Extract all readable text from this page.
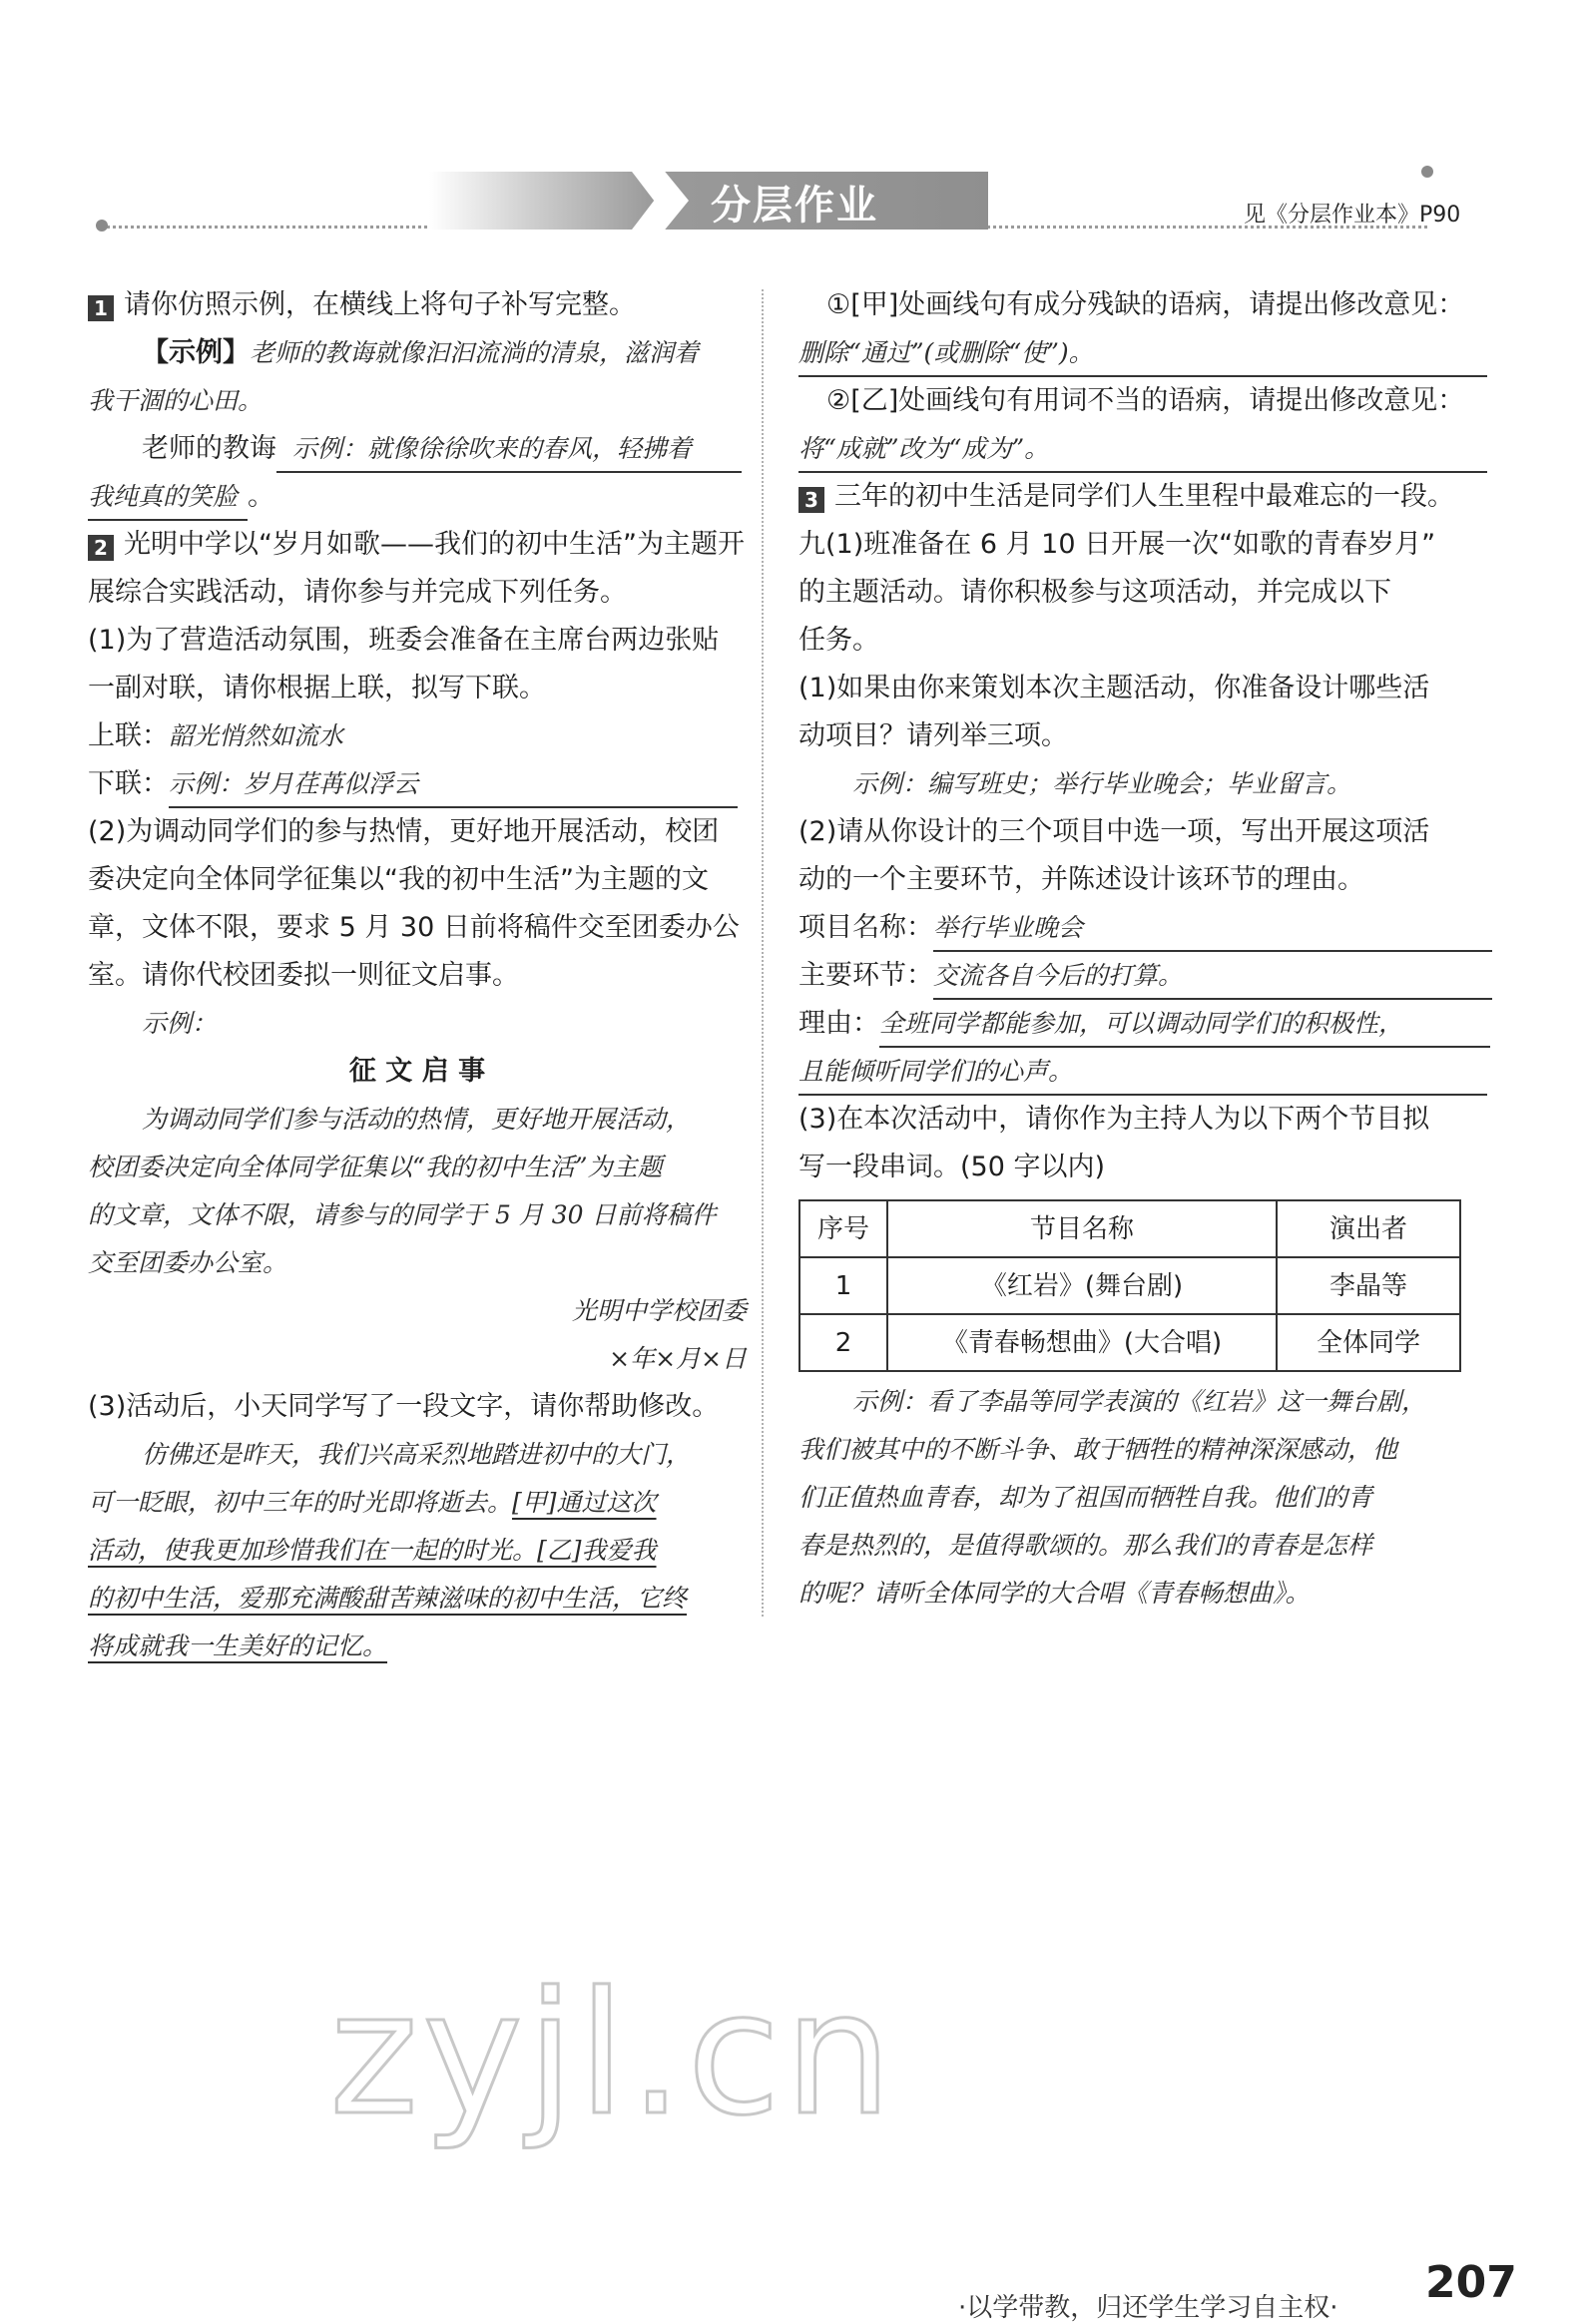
分层作业	见《分层作业本》P90

1 请你仿照示例，在横线上将句子补写完整。

【示例】老师的教诲就像汩汩流淌的清泉，滋润着

我干涸的心田。

老师的教诲 示例：就像徐徐吹来的春风，轻拂着

我纯真的笑脸 。

2 光明中学以“岁月如歌——我们的初中生活”为主题开

展综合实践活动，请你参与并完成下列任务。

(1)为了营造活动氛围，班委会准备在主席台两边张贴

一副对联，请你根据上联，拟写下联。

上联：韶光悄然如流水

下联：示例：岁月荏苒似浮云

(2)为调动同学们的参与热情，更好地开展活动，校团

委决定向全体同学征集以“我的初中生活”为主题的文

章，文体不限，要求 5 月 30 日前将稿件交至团委办公

室。请你代校团委拟一则征文启事。

示例：

征 文 启 事

为调动同学们参与活动的热情，更好地开展活动，

校团委决定向全体同学征集以“我的初中生活”为主题

的文章，文体不限，请参与的同学于 5 月 30 日前将稿件

交至团委办公室。

光明中学校团委

×年×月×日

(3)活动后，小天同学写了一段文字，请你帮助修改。

仿佛还是昨天，我们兴高采烈地踏进初中的大门，

可一眨眼，初中三年的时光即将逝去。[甲]通过这次

活动，使我更加珍惜我们在一起的时光。[乙]我爱我

的初中生活，爱那充满酸甜苦辣滋味的初中生活，它终

将成就我一生美好的记忆。

①[甲]处画线句有成分残缺的语病，请提出修改意见：

删除“通过”(或删除“使”)。

②[乙]处画线句有用词不当的语病，请提出修改意见：

将“成就”改为“成为”。

3 三年的初中生活是同学们人生里程中最难忘的一段。

九(1)班准备在 6 月 10 日开展一次“如歌的青春岁月”

的主题活动。请你积极参与这项活动，并完成以下

任务。

(1)如果由你来策划本次主题活动，你准备设计哪些活

动项目？请列举三项。

示例：编写班史；举行毕业晚会；毕业留言。

(2)请从你设计的三个项目中选一项，写出开展这项活

动的一个主要环节，并陈述设计该环节的理由。

项目名称：举行毕业晚会

主要环节：交流各自今后的打算。

理由：全班同学都能参加，可以调动同学们的积极性，

且能倾听同学们的心声。

(3)在本次活动中，请你作为主持人为以下两个节目拟

写一段串词。(50 字以内)

序号	节目名称	演出者
1	《红岩》(舞台剧)	李晶等
2	《青春畅想曲》(大合唱)	全体同学

示例：看了李晶等同学表演的《红岩》这一舞台剧，

我们被其中的不断斗争、敢于牺牲的精神深深感动，他

们正值热血青春，却为了祖国而牺牲自我。他们的青

春是热烈的，是值得歌颂的。那么我们的青春是怎样

的呢？请听全体同学的大合唱《青春畅想曲》。

zyjl.cn
·以学带教，归还学生学习自主权· 207
